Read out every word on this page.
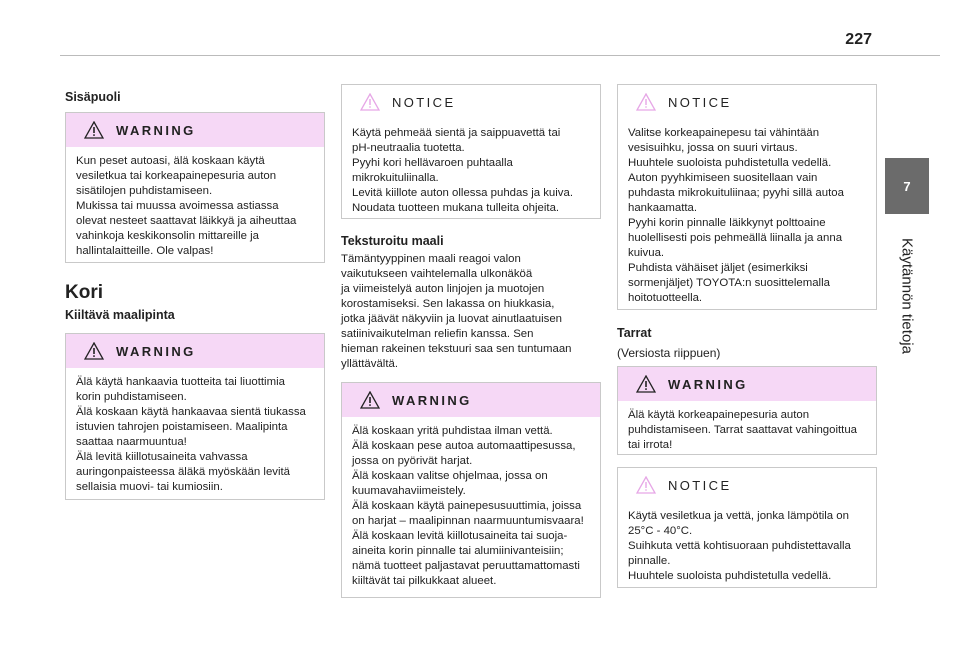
227
7
Käytännön tietoja
Sisäpuoli
WARNING

Kun peset autoasi, älä koskaan käytä
vesiletkua tai korkeapainepesuria auton
sisätilojen puhdistamiseen.
Mukissa tai muussa avoimessa astiassa
olevat nesteet saattavat läikkyä ja aiheuttaa
vahinkoja keskikonsolin mittareille ja
hallintalaitteille. Ole valpas!

Kori
Kiiltävä maalipinta
WARNING

Älä käytä hankaavia tuotteita tai liuottimia
korin puhdistamiseen.
Älä koskaan käytä hankaavaa sientä tiukassa
istuvien tahrojen poistamiseen. Maalipinta
saattaa naarmuuntua!
Älä levitä kiillotusaineita vahvassa
auringonpaisteessa äläkä myöskään levitä
sellaisia muovi- tai kumiosiin.

NOTICE

Käytä pehmeää sientä ja saippuavettä tai
pH-neutraalia tuotetta.
Pyyhi kori hellävaroen puhtaalla
mikrokuituliinalla.
Levitä kiillote auton ollessa puhdas ja kuiva.
Noudata tuotteen mukana tulleita ohjeita.

Teksturoitu maali

Tämäntyyppinen maali reagoi valon
vaikutukseen vaihtelemalla ulkonäköä
ja viimeistelyä auton linjojen ja muotojen
korostamiseksi. Sen lakassa on hiukkasia,
jotka jäävät näkyviin ja luovat ainutlaatuisen
satiinivaikutelman reliefin kanssa. Sen
hieman rakeinen tekstuuri saa sen tuntumaan
yllättävältä.

WARNING

Älä koskaan yritä puhdistaa ilman vettä.
Älä koskaan pese autoa automaattipesussa,
jossa on pyörivät harjat.
Älä koskaan valitse ohjelmaa, jossa on
kuumavahaviimeistely.
Älä koskaan käytä painepesusuuttimia, joissa
on harjat – maalipinnan naarmuuntumisvaara!
Älä koskaan levitä kiillotusaineita tai suoja-
aineita korin pinnalle tai alumiinivanteisiin;
nämä tuotteet paljastavat peruuttamattomasti
kiiltävät tai pilkukkaat alueet.

NOTICE

Valitse korkeapainepesu tai vähintään
vesisuihku, jossa on suuri virtaus.
Huuhtele suoloista puhdistetulla vedellä.
Auton pyyhkimiseen suositellaan vain
puhdasta mikrokuituliinaa; pyyhi sillä autoa
hankaamatta.
Pyyhi korin pinnalle läikkynyt polttoaine
huolellisesti pois pehmeällä liinalla ja anna
kuivua.
Puhdista vähäiset jäljet (esimerkiksi
sormenjäljet) TOYOTA:n suosittelemalla
hoitotuotteella.

Tarrat
(Versiosta riippuen)
WARNING

Älä käytä korkeapainepesuria auton
puhdistamiseen. Tarrat saattavat vahingoittua
tai irrota!

NOTICE

Käytä vesiletkua ja vettä, jonka lämpötila on
25°C - 40°C.
Suihkuta vettä kohtisuoraan puhdistettavalla
pinnalle.
Huuhtele suoloista puhdistetulla vedellä.
